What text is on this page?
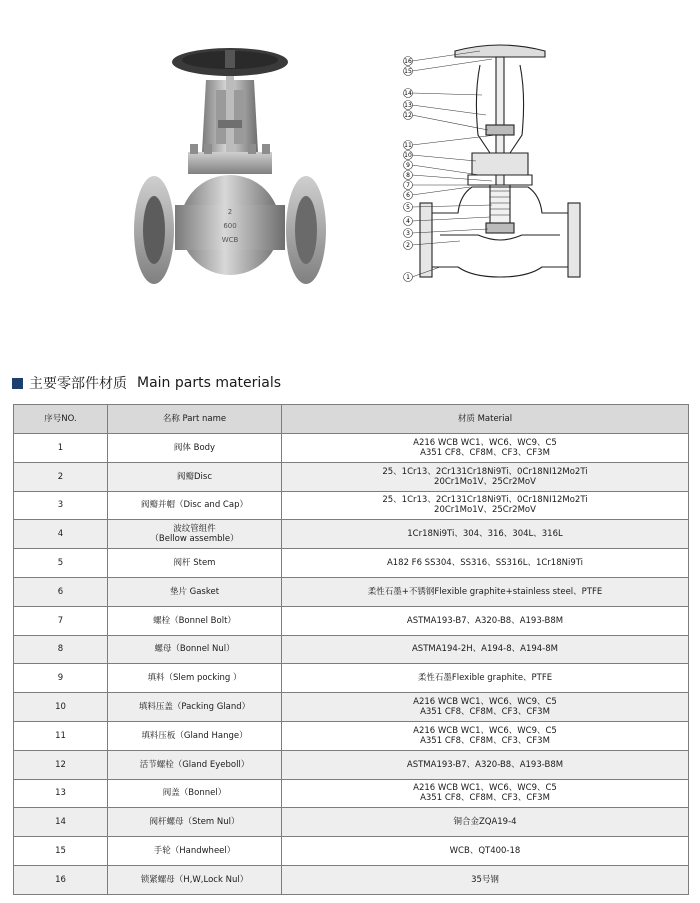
2
600
WCB
16
15
14
13
12
11
10
9
8
7
6
5
4
3
2
1
主要零部件材质 Main parts materials
序号NO.	名称 Part name	材质 Material
1	阀体 Body	A216 WCB WC1、WC6、WC9、C5
A351 CF8、CF8M、CF3、CF3M

2	阀瓣Disc	25、1Cr13、2Cr131Cr18Ni9Ti、0Cr18NI12Mo2Ti
20Cr1Mo1V、25Cr2MoV

3	阀瓣并帽（Disc and Cap）	25、1Cr13、2Cr131Cr18Ni9Ti、0Cr18NI12Mo2Ti
20Cr1Mo1V、25Cr2MoV

4	波纹管组件
（Bellow assemble）	1Cr18Ni9Ti、304、316、304L、316L

5	阀杆 Stem	A182 F6 SS304、SS316、SS316L、1Cr18Ni9Ti

6	垫片 Gasket	柔性石墨+不锈钢Flexible graphite+stainless steel、PTFE

7	螺栓（Bonnel Bolt）	ASTMA193-B7、A320-B8、A193-B8M

8	螺母（Bonnel Nul）	ASTMA194-2H、A194-8、A194-8M

9	填料（Slem pocking ）	柔性石墨Flexible graphite、PTFE

10	填料压盖（Packing Gland）	A216 WCB WC1、WC6、WC9、C5
A351 CF8、CF8M、CF3、CF3M

11	填料压板（Gland Hange）	A216 WCB WC1、WC6、WC9、C5
A351 CF8、CF8M、CF3、CF3M

12	活节螺栓（Gland Eyeboll）	ASTMA193-B7、A320-B8、A193-B8M

13	阀盖（Bonnel）	A216 WCB WC1、WC6、WC9、C5
A351 CF8、CF8M、CF3、CF3M

14	阀杆螺母（Stem Nul）	铜合金ZQA19-4

15	手轮（Handwheel）	WCB、QT400-18

16	锁紧螺母（H,W,Lock Nul）	35号钢
